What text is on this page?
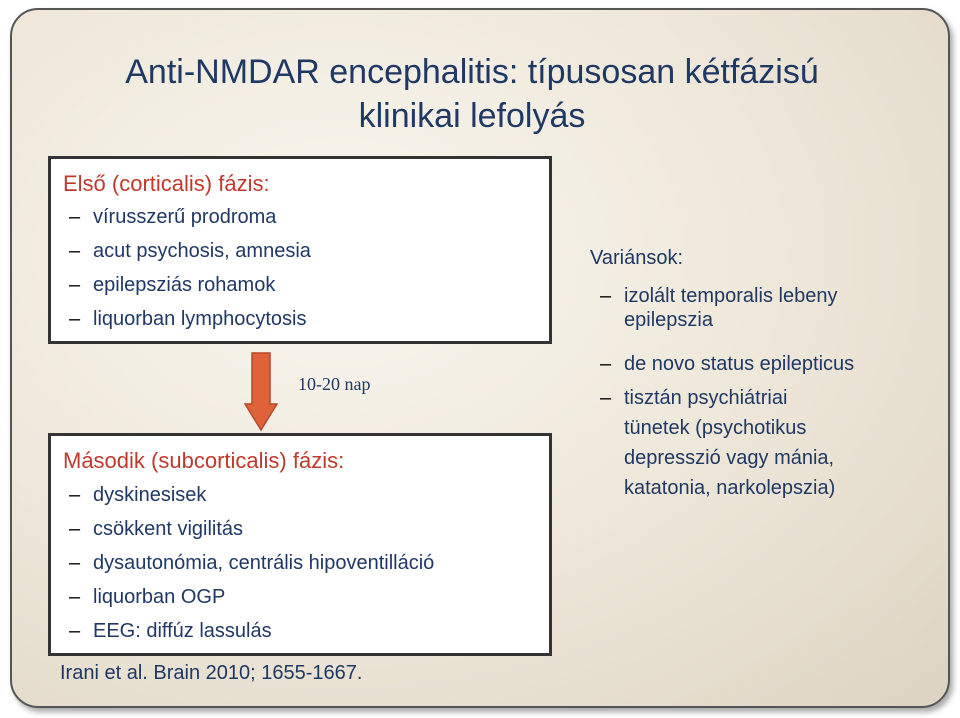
Anti-NMDAR encephalitis: típusosan kétfázisú
klinikai lefolyás
Első (corticalis) fázis:
– vírusszerű prodroma
– acut psychosis, amnesia
– epilepsziás rohamok
– liquorban lymphocytosis
10-20 nap
Második (subcorticalis) fázis:
– dyskinesisek
– csökkent vigilitás
– dysautonómia, centrális hipoventilláció
– liquorban OGP
– EEG: diffúz lassulás
Irani et al. Brain 2010; 1655-1667.
Variánsok:
– izolált temporalis lebeny
epilepszia
– de novo status epilepticus
– tisztán psychiátriai
tünetek (psychotikus
depresszió vagy mánia,
katatonia, narkolepszia)
